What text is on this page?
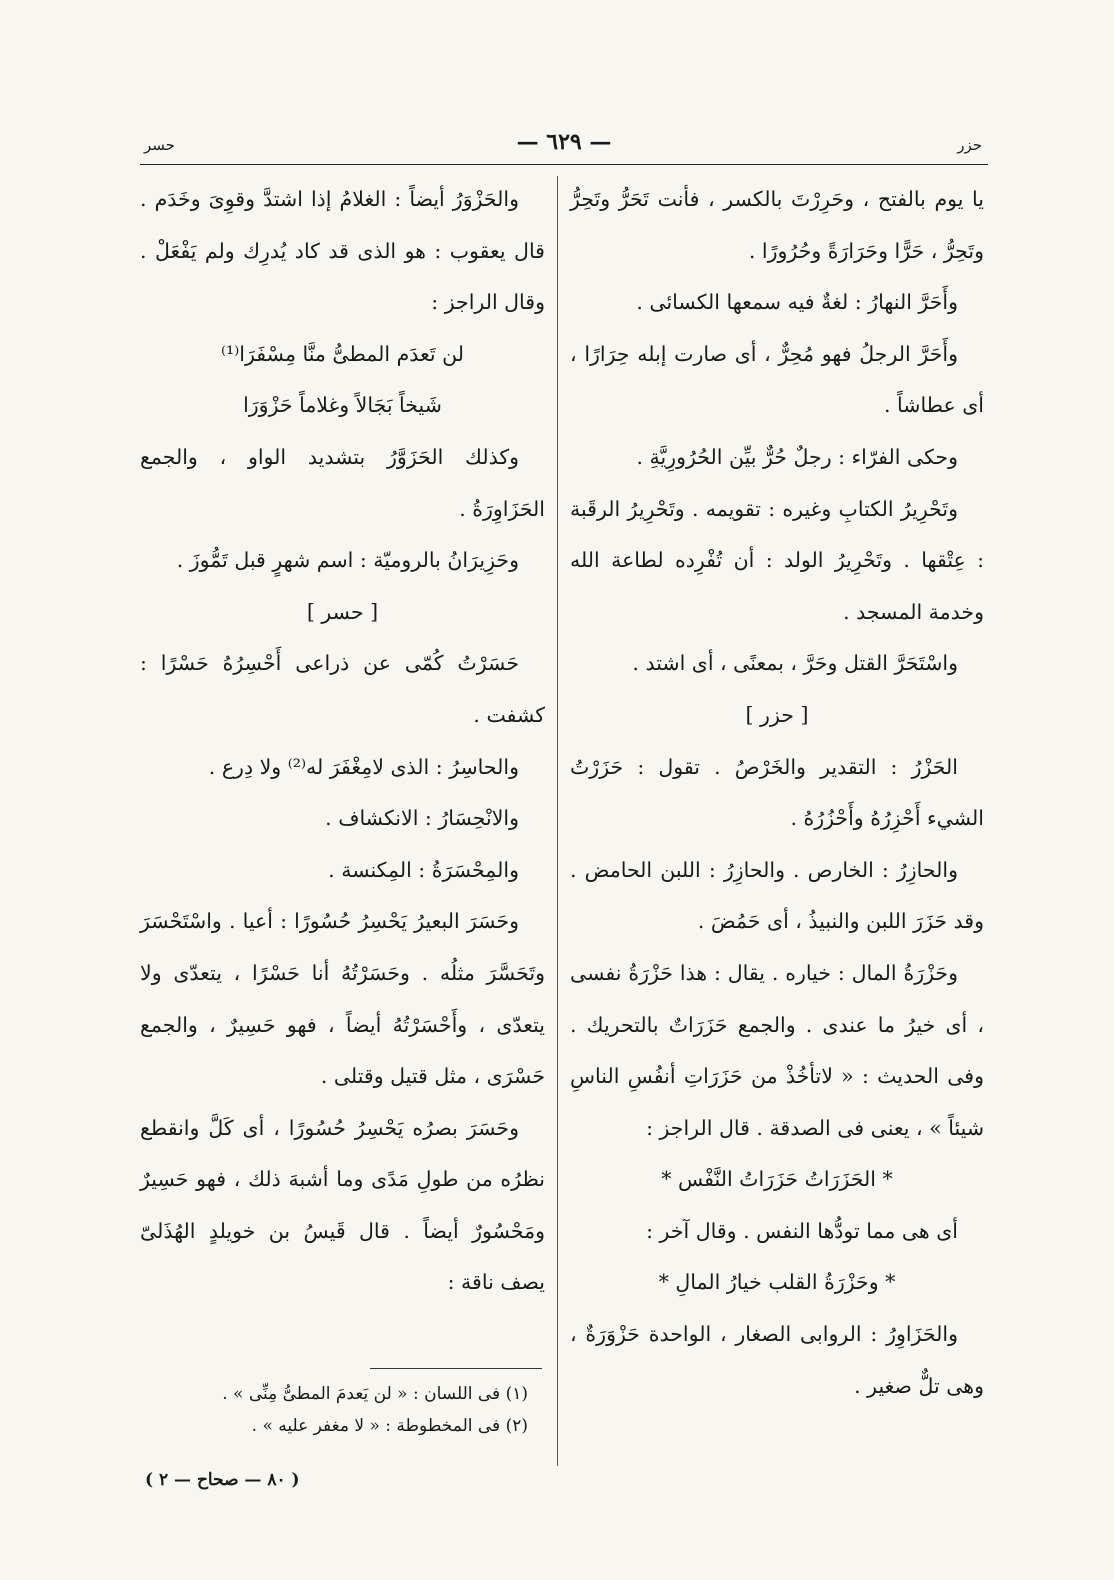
حسر	— ٦٢٩ —	حزر

يا يوم بالفتح ، وحَرِرْتَ بالكسر ، فأنت تَحَرُّ وتَحِرُّ وتَحِرُّ ، حَرًّا وحَرَارَةً وحُرُورًا .

وأَحَرَّ النهارُ : لغةٌ فيه سمعها الكسائى .

وأَحَرَّ الرجلُ فهو مُحِرٌّ ، أى صارت إبله حِرَارًا ، أى عطاشاً .

وحكى الفرّاء : رجلٌ حُرٌّ بيِّن الحُرُورِيَّةِ .

وتَحْرِيرُ الكتابِ وغيره : تقويمه . وتَحْرِيرُ الرقَبة : عِتْقها . وتَحْرِيرُ الولد : أن تُفْرِده لطاعة الله وخدمة المسجد .

واسْتَحَرَّ القتل وحَرَّ ، بمعنًى ، أى اشتد .

[ حزر ]

الحَزْرُ : التقدير والخَرْصُ . تقول : حَزَرْتُ الشيء أَحْزِرُهُ وأَحْزُرُهُ .

والحازِرُ : الخارص . والحازِرُ : اللبن الحامض . وقد حَزَرَ اللبن والنبيذُ ، أى حَمُضَ .

وحَزْرَةُ المال : خياره . يقال : هذا حَزْرَةُ نفسى ، أى خيرُ ما عندى . والجمع حَزَرَاتٌ بالتحريك . وفى الحديث : « لاتأخُذْ من حَزَرَاتِ أنفُسِ الناسِ شيئاً » ، يعنى فى الصدقة . قال الراجز :

* الحَزَرَاتُ حَزَرَاتُ النَّفْس *

أى هى مما تودُّها النفس . وقال آخر :

* وحَزْرَةُ القلب خيارُ المالِ *

والحَزَاوِرُ : الروابى الصغار ، الواحدة حَزْوَرَةٌ ، وهى تلٌّ صغير .

والحَزْوَرُ أيضاً : الغلامُ إذا اشتدَّ وقوِىَ وخَدَم . قال يعقوب : هو الذى قد كاد يُدرِك ولم يَفْعَلْ . وقال الراجز :

لن تَعدَم المطىُّ منَّا مِسْفَرَا⁽¹⁾

شَيخاً بَجَالاً وغلاماً حَزْوَرَا

وكذلك الحَزَوَّرُ بتشديد الواو ، والجمع الحَزَاوِرَةُ .

وحَزِيرَانُ بالروميّة : اسم شهرٍ قبل تَمُّوزَ .

[ حسر ]

حَسَرْتُ كُمّى عن ذراعى أَحْسِرُهُ حَسْرًا : كشفت .

والحاسِرُ : الذى لامِغْفَرَ له⁽²⁾ ولا دِرع .

والانْحِسَارُ : الانكشاف .

والمِحْسَرَةُ : المِكنسة .

وحَسَرَ البعيرُ يَحْسِرُ حُسُورًا : أعيا . واسْتَحْسَرَ وتَحَسَّرَ مثلُه . وحَسَرْتُهُ أنا حَسْرًا ، يتعدّى ولا يتعدّى ، وأَحْسَرْتُهُ أيضاً ، فهو حَسِيرٌ ، والجمع حَسْرَى ، مثل قتيل وقتلى .

وحَسَرَ بصرُه يَحْسِرُ حُسُورًا ، أى كَلَّ وانقطع نظرُه من طولِ مَدًى وما أشبهَ ذلك ، فهو حَسِيرٌ ومَحْسُورٌ أيضاً . قال قَيسُ بن خويلدٍ الهُذَلىّ يصف ناقة :

(١) فى اللسان : « لن يَعدمَ المطىُّ مِنِّى » .

(٢) فى المخطوطة : « لا مغفر عليه » .

( ٨٠ — صحاح — ٢ )
